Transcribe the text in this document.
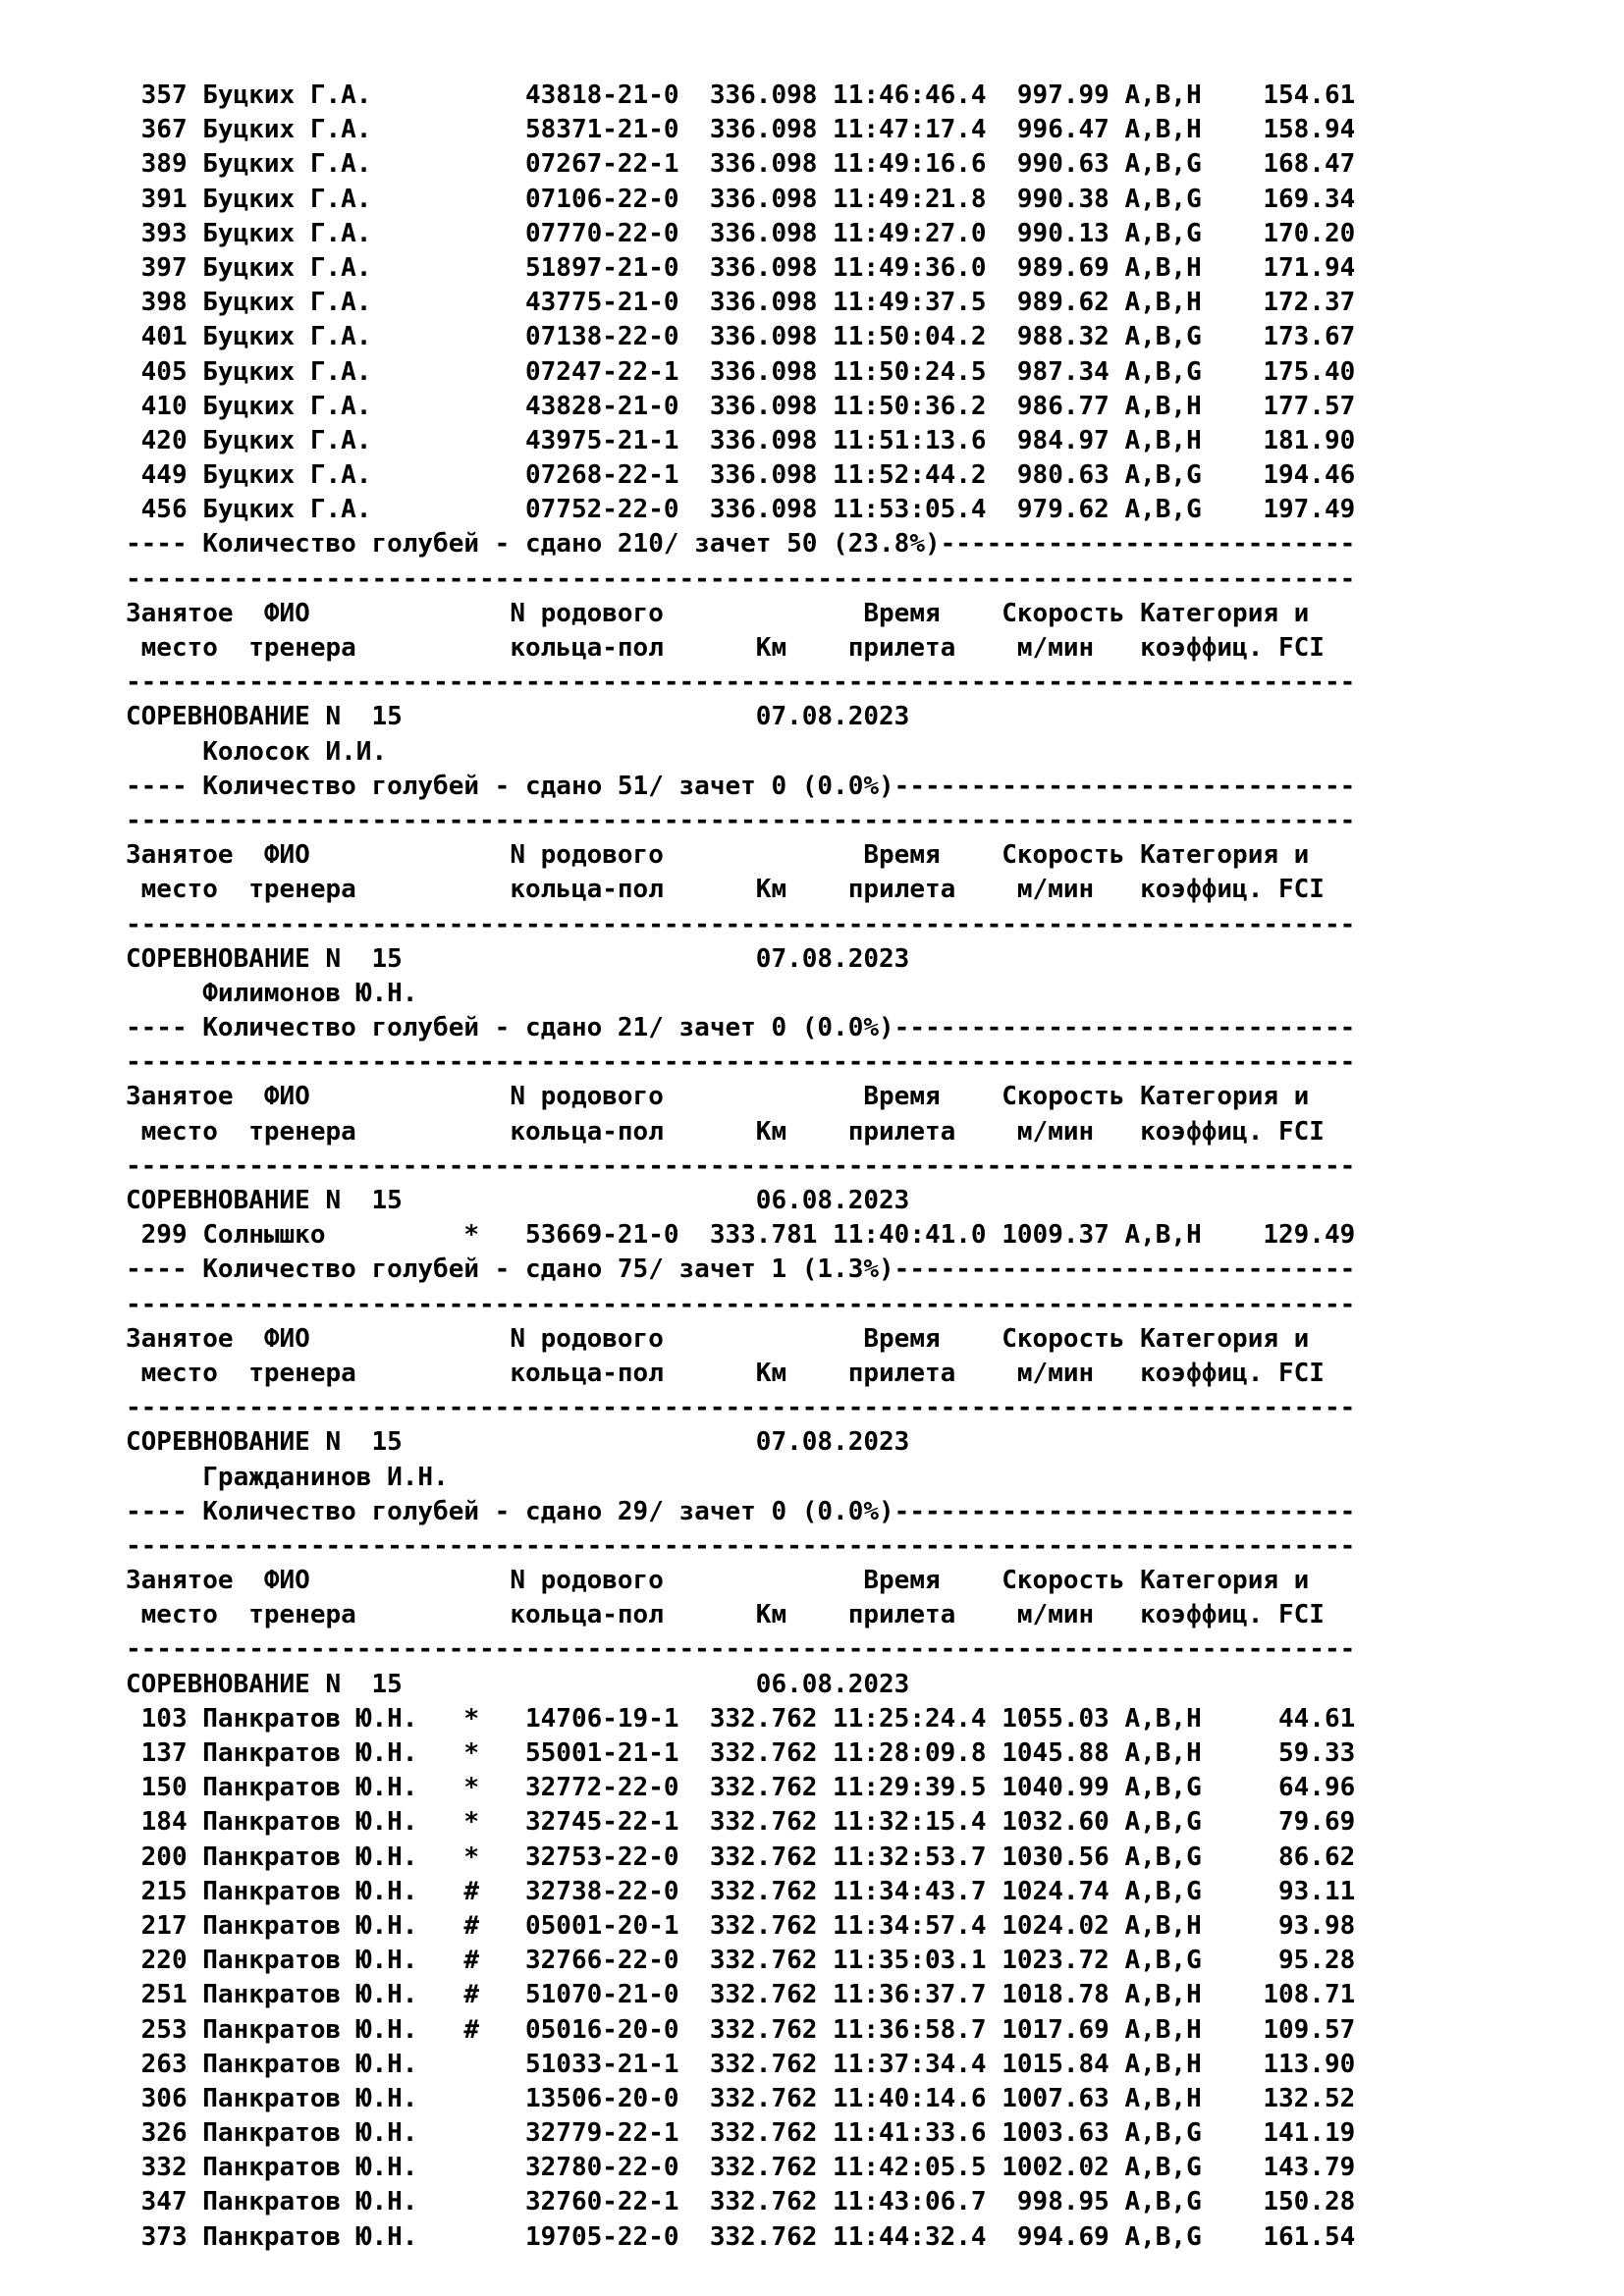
357 Буцких Г.А.          43818-21-0  336.098 11:46:46.4  997.99 A,B,H    154.61
367 Буцких Г.А.          58371-21-0  336.098 11:47:17.4  996.47 A,B,H    158.94
389 Буцких Г.А.          07267-22-1  336.098 11:49:16.6  990.63 A,B,G    168.47
391 Буцких Г.А.          07106-22-0  336.098 11:49:21.8  990.38 A,B,G    169.34
393 Буцких Г.А.          07770-22-0  336.098 11:49:27.0  990.13 A,B,G    170.20
397 Буцких Г.А.          51897-21-0  336.098 11:49:36.0  989.69 A,B,H    171.94
398 Буцких Г.А.          43775-21-0  336.098 11:49:37.5  989.62 A,B,H    172.37
401 Буцких Г.А.          07138-22-0  336.098 11:50:04.2  988.32 A,B,G    173.67
405 Буцких Г.А.          07247-22-1  336.098 11:50:24.5  987.34 A,B,G    175.40
410 Буцких Г.А.          43828-21-0  336.098 11:50:36.2  986.77 A,B,H    177.57
420 Буцких Г.А.          43975-21-1  336.098 11:51:13.6  984.97 A,B,H    181.90
449 Буцких Г.А.          07268-22-1  336.098 11:52:44.2  980.63 A,B,G    194.46
456 Буцких Г.А.          07752-22-0  336.098 11:53:05.4  979.62 A,B,G    197.49
---- Количество голубей - сдано 210/ зачет 50 (23.8%)---------------------------
--------------------------------------------------------------------------------
Занятое  ФИО             N родового             Время    Скорость Категория и
место  тренера          кольца-пол      Км    прилета    м/мин   коэффиц. FCI
--------------------------------------------------------------------------------
СОРЕВНОВАНИЕ N  15                       07.08.2023
Колосок И.И.
---- Количество голубей - сдано 51/ зачет 0 (0.0%)------------------------------
--------------------------------------------------------------------------------
Занятое  ФИО             N родового             Время    Скорость Категория и
место  тренера          кольца-пол      Км    прилета    м/мин   коэффиц. FCI
--------------------------------------------------------------------------------
СОРЕВНОВАНИЕ N  15                       07.08.2023
Филимонов Ю.Н.
---- Количество голубей - сдано 21/ зачет 0 (0.0%)------------------------------
--------------------------------------------------------------------------------
Занятое  ФИО             N родового             Время    Скорость Категория и
место  тренера          кольца-пол      Км    прилета    м/мин   коэффиц. FCI
--------------------------------------------------------------------------------
СОРЕВНОВАНИЕ N  15                       06.08.2023
299 Солнышко         *   53669-21-0  333.781 11:40:41.0 1009.37 A,B,H    129.49
---- Количество голубей - сдано 75/ зачет 1 (1.3%)------------------------------
--------------------------------------------------------------------------------
Занятое  ФИО             N родового             Время    Скорость Категория и
место  тренера          кольца-пол      Км    прилета    м/мин   коэффиц. FCI
--------------------------------------------------------------------------------
СОРЕВНОВАНИЕ N  15                       07.08.2023
Гражданинов И.Н.
---- Количество голубей - сдано 29/ зачет 0 (0.0%)------------------------------
--------------------------------------------------------------------------------
Занятое  ФИО             N родового             Время    Скорость Категория и
место  тренера          кольца-пол      Км    прилета    м/мин   коэффиц. FCI
--------------------------------------------------------------------------------
СОРЕВНОВАНИЕ N  15                       06.08.2023
103 Панкратов Ю.Н.   *   14706-19-1  332.762 11:25:24.4 1055.03 A,B,H     44.61
137 Панкратов Ю.Н.   *   55001-21-1  332.762 11:28:09.8 1045.88 A,B,H     59.33
150 Панкратов Ю.Н.   *   32772-22-0  332.762 11:29:39.5 1040.99 A,B,G     64.96
184 Панкратов Ю.Н.   *   32745-22-1  332.762 11:32:15.4 1032.60 A,B,G     79.69
200 Панкратов Ю.Н.   *   32753-22-0  332.762 11:32:53.7 1030.56 A,B,G     86.62
215 Панкратов Ю.Н.   #   32738-22-0  332.762 11:34:43.7 1024.74 A,B,G     93.11
217 Панкратов Ю.Н.   #   05001-20-1  332.762 11:34:57.4 1024.02 A,B,H     93.98
220 Панкратов Ю.Н.   #   32766-22-0  332.762 11:35:03.1 1023.72 A,B,G     95.28
251 Панкратов Ю.Н.   #   51070-21-0  332.762 11:36:37.7 1018.78 A,B,H    108.71
253 Панкратов Ю.Н.   #   05016-20-0  332.762 11:36:58.7 1017.69 A,B,H    109.57
263 Панкратов Ю.Н.       51033-21-1  332.762 11:37:34.4 1015.84 A,B,H    113.90
306 Панкратов Ю.Н.       13506-20-0  332.762 11:40:14.6 1007.63 A,B,H    132.52
326 Панкратов Ю.Н.       32779-22-1  332.762 11:41:33.6 1003.63 A,B,G    141.19
332 Панкратов Ю.Н.       32780-22-0  332.762 11:42:05.5 1002.02 A,B,G    143.79
347 Панкратов Ю.Н.       32760-22-1  332.762 11:43:06.7  998.95 A,B,G    150.28
373 Панкратов Ю.Н.       19705-22-0  332.762 11:44:32.4  994.69 A,B,G    161.54
